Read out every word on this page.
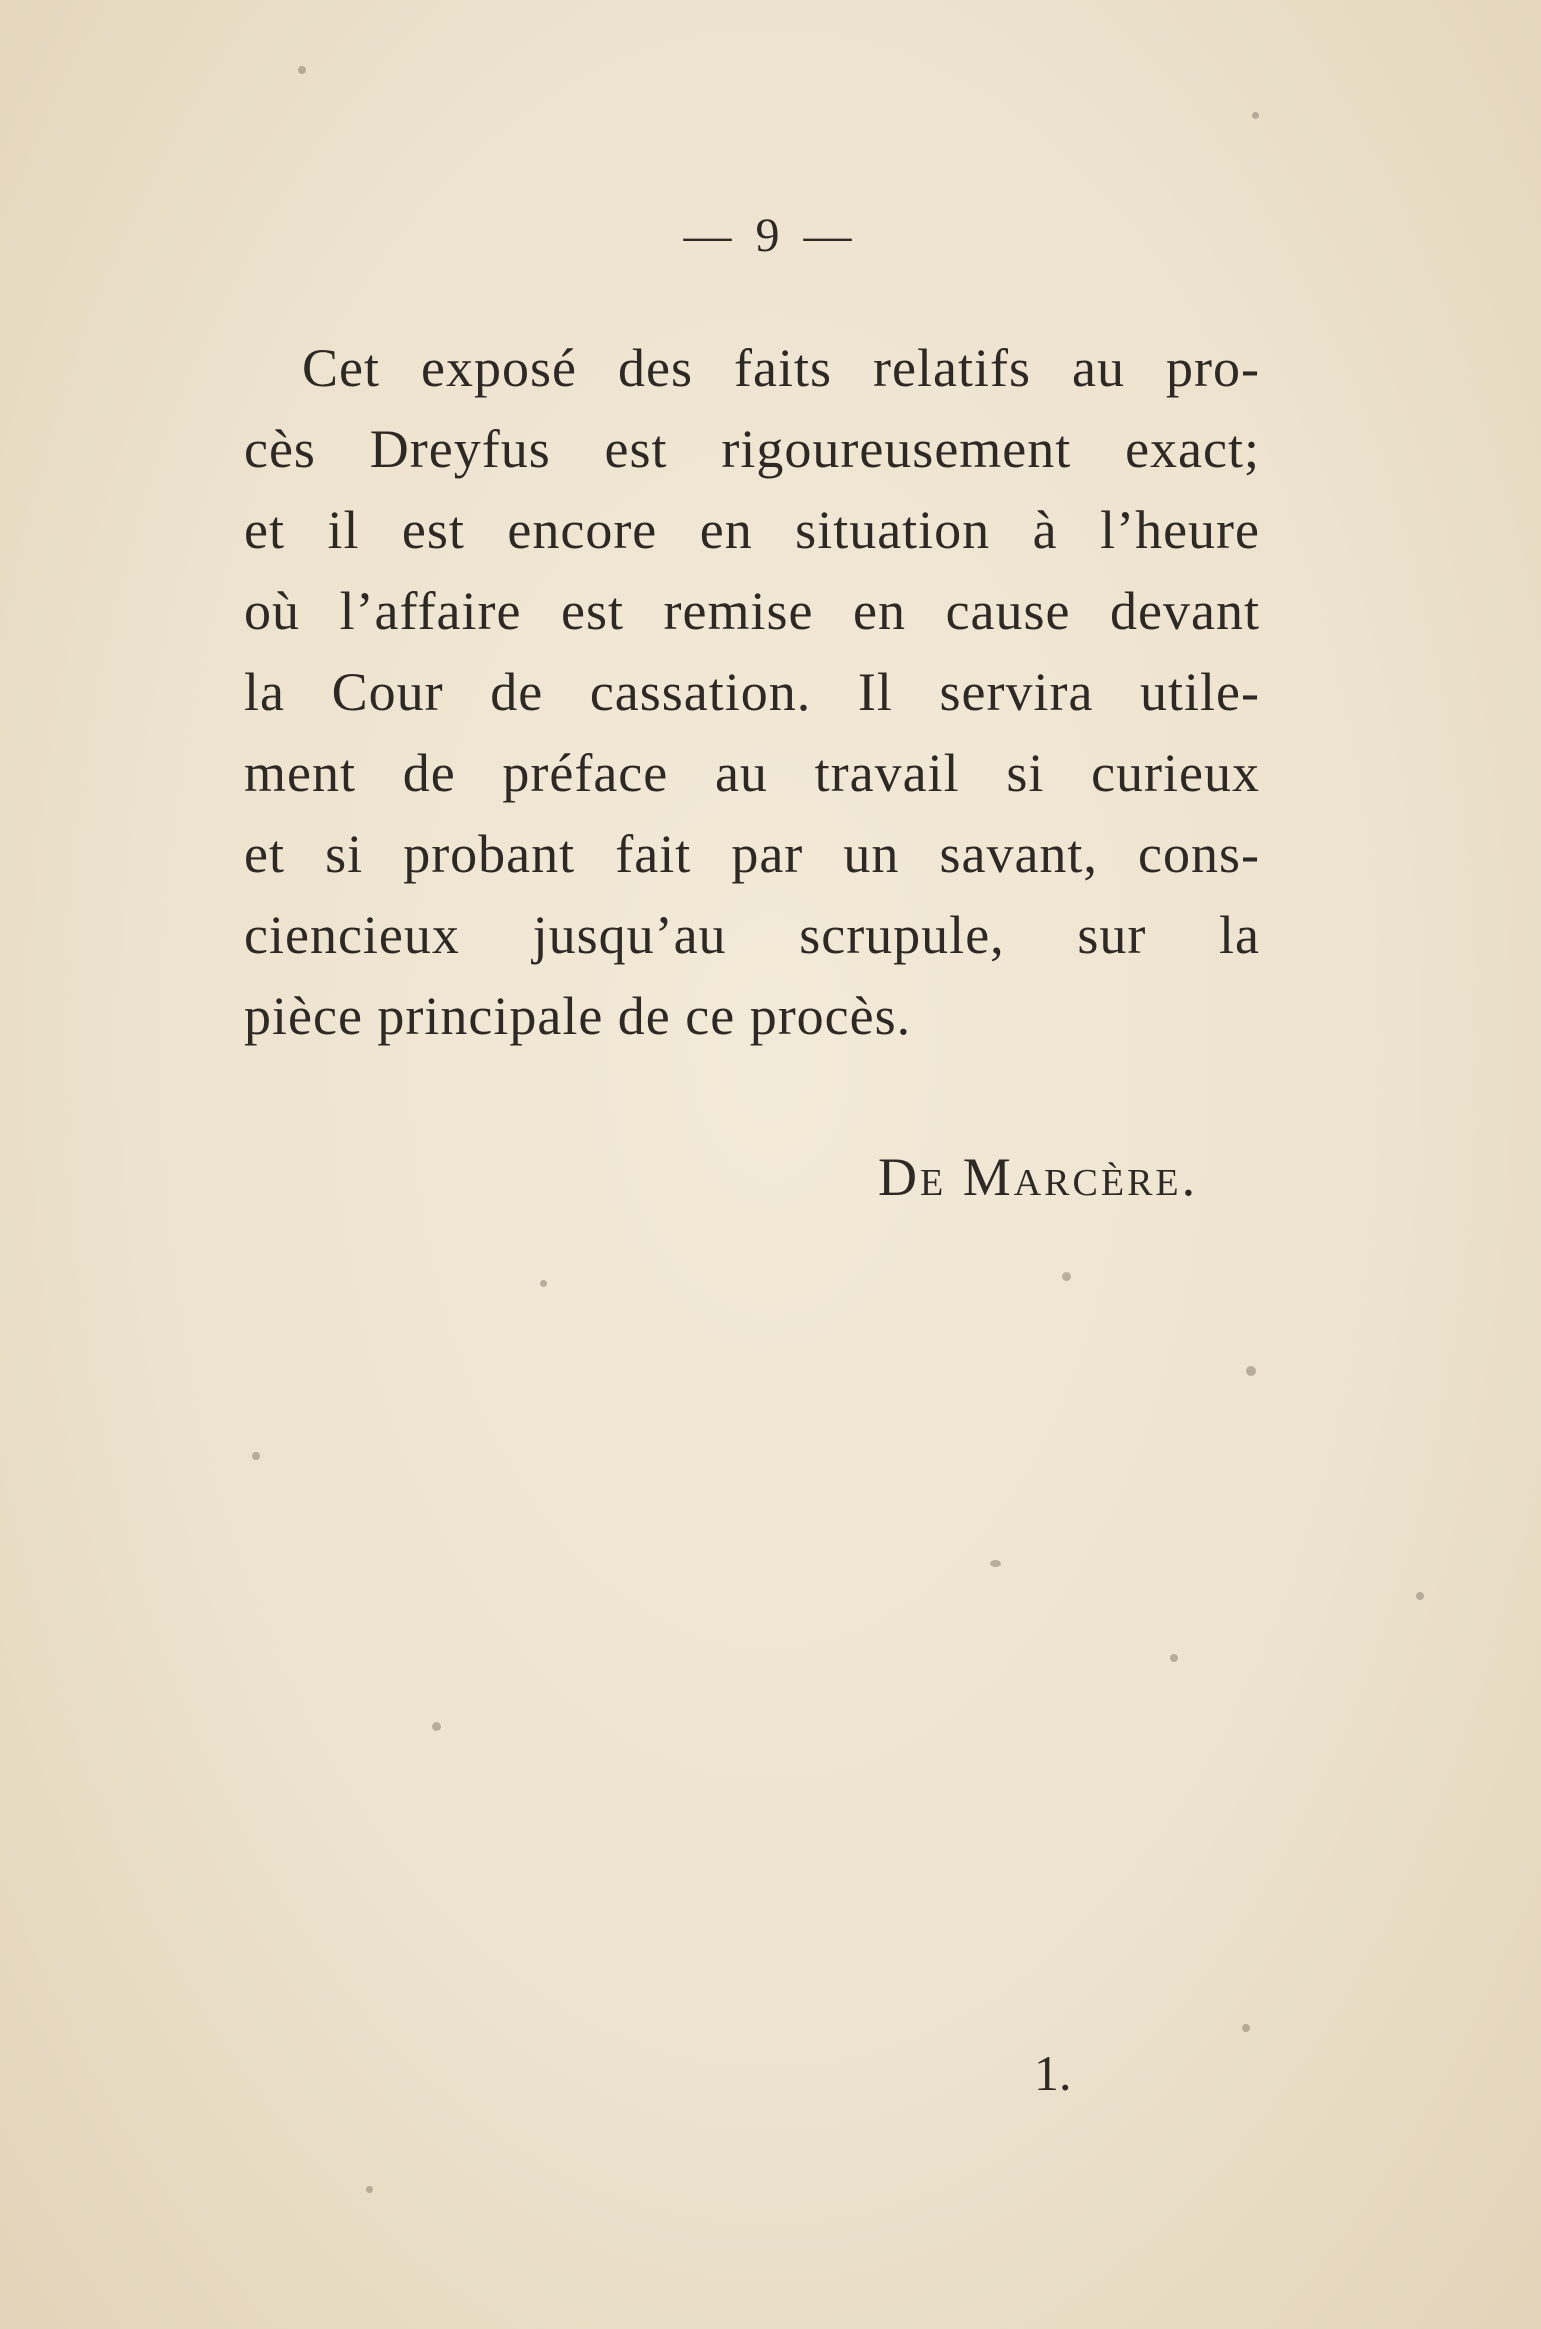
— 9 —
Cet exposé des faits relatifs au pro-
cès Dreyfus est rigoureusement exact;
et il est encore en situation à l’heure
où l’affaire est remise en cause devant
la Cour de cassation. Il servira utile-
ment de préface au travail si curieux
et si probant fait par un savant, cons-
ciencieux jusqu’au scrupule, sur la
pièce principale de ce procès.
De Marcère.
1.
